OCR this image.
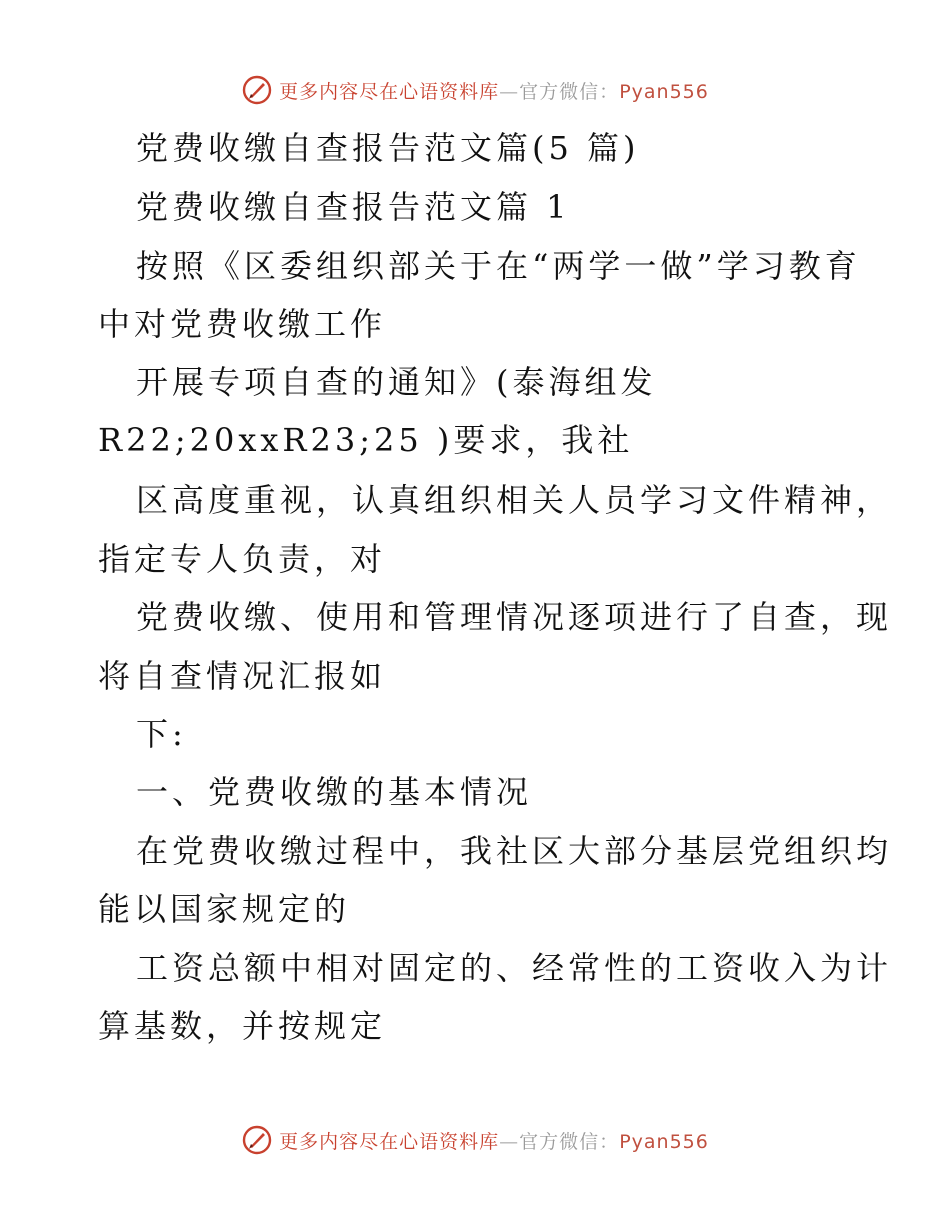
更多内容尽在心语资料库—官方微信：Pyan556
党费收缴自查报告范文篇(5 篇)
党费收缴自查报告范文篇 1
按照《区委组织部关于在“两学一做”学习教育
中对党费收缴工作
开展专项自查的通知》(泰海组发
R22;20xxR23;25 )要求，我社
区高度重视，认真组织相关人员学习文件精神，
指定专人负责，对
党费收缴、使用和管理情况逐项进行了自查，现
将自查情况汇报如
下:
一、党费收缴的基本情况
在党费收缴过程中，我社区大部分基层党组织均
能以国家规定的
工资总额中相对固定的、经常性的工资收入为计
算基数，并按规定
更多内容尽在心语资料库—官方微信：Pyan556
